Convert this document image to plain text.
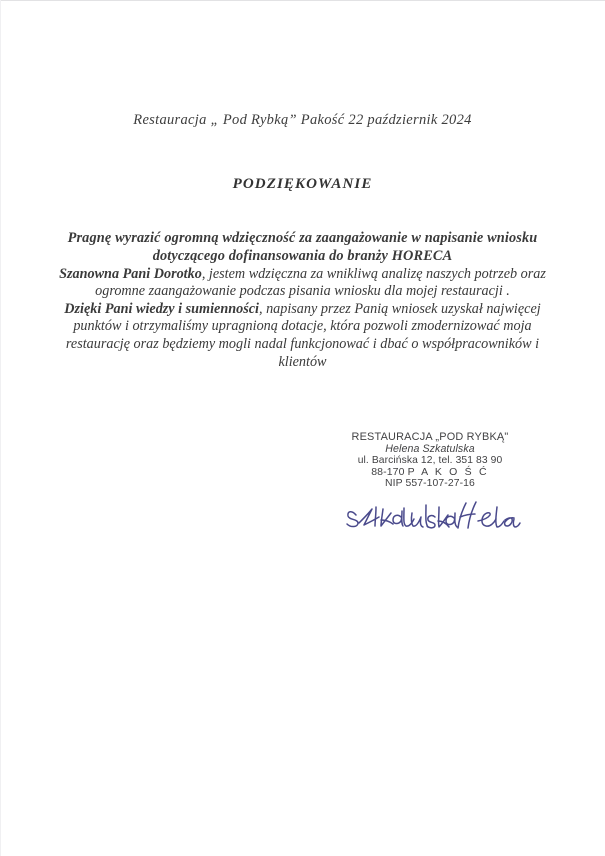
Restauracja „ Pod Rybką” Pakość 22 październik 2024
PODZIĘKOWANIE

Pragnę wyrazić ogromną wdzięczność za zaangażowanie w napisanie wniosku dotyczącego dofinansowania do branży HORECA

Szanowna Pani Dorotko, jestem wdzięczna za wnikliwą analizę naszych potrzeb oraz ogromne zaangażowanie podczas pisania wniosku dla mojej restauracji .

Dzięki Pani wiedzy i sumienności, napisany przez Panią wniosek uzyskał najwięcej punktów i otrzymaliśmy upragnioną dotacje, która pozwoli zmodernizować moja restaurację oraz będziemy mogli nadal funkcjonować i dbać o współpracowników i klientów

RESTAURACJA „POD RYBKĄ"
Helena Szkatulska
ul. Barcińska 12, tel. 351 83 90
88-170 P A K O Ś Ć
NIP 557-107-27-16
